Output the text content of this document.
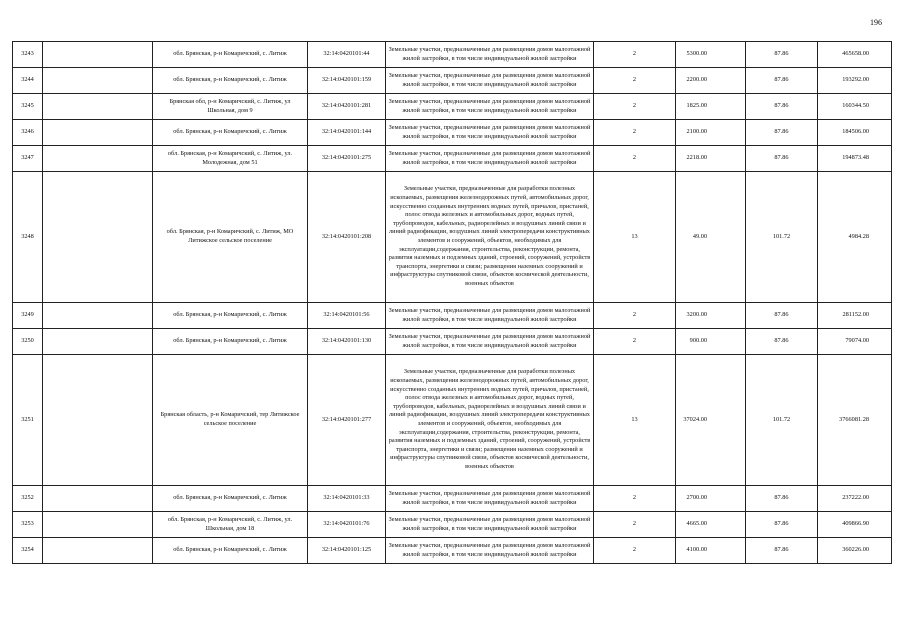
196
3243		обл. Брянская, р-н Комаричский, с. Литиж	32:14:0420101:44	Земельные участки, предназначенные для размещения домов малоэтажной жилой застройки, в том числе индивидуальной жилой застройки	2	5300.00	87.86	465658.00
3244		обл. Брянская, р-н Комаричский, с. Литиж	32:14:0420101:159	Земельные участки, предназначенные для размещения домов малоэтажной жилой застройки, в том числе индивидуальной жилой застройки	2	2200.00	87.86	193292.00
3245		Брянская обл, р-н Комаричский, с. Литиж, ул Школьная, дом 9	32:14:0420101:281	Земельные участки, предназначенные для размещения домов малоэтажной жилой застройки, в том числе индивидуальной жилой застройки	2	1825.00	87.86	160344.50
3246		обл. Брянская, р-н Комаричский, с. Литиж	32:14:0420101:144	Земельные участки, предназначенные для размещения домов малоэтажной жилой застройки, в том числе индивидуальной жилой застройки	2	2100.00	87.86	184506.00
3247		обл. Брянская, р-н Комаричский, с. Литиж, ул. Молодежная, дом 51	32:14:0420101:275	Земельные участки, предназначенные для размещения домов малоэтажной жилой застройки, в том числе индивидуальной жилой застройки	2	2218.00	87.86	194873.48
3248		обл. Брянская, р-н Комаричский, с. Литиж, МО Литижское сельское поселение	32:14:0420101:208	Земельные участки, предназначенные для разработки полезных ископаемых, размещения железнодорожных путей, автомобильных дорог, искусственно созданных внутренних водных путей, причалов, пристаней, полос отвода железных и автомобильных дорог, водных путей, трубопроводов, кабельных, радиорелейных и воздушных линий связи и линий радиофикации, воздушных линий электропередачи конструктивных элементов и сооружений, объектов, необходимых для эксплуатации,содержания, строительства, реконструкции, ремонта, развития наземных и подземных зданий, строений, сооружений, устройств транспорта, энергетики и связи; размещения наземных сооружений и инфраструктуры спутниковой связи, объектов космической деятельности, военных объектов	13	49.00	101.72	4984.28
3249		обл. Брянская, р-н Комаричский, с. Литиж	32:14:0420101:56	Земельные участки, предназначенные для размещения домов малоэтажной жилой застройки, в том числе индивидуальной жилой застройки	2	3200.00	87.86	281152.00
3250		обл. Брянская, р-н Комаричский, с. Литиж	32:14:0420101:130	Земельные участки, предназначенные для размещения домов малоэтажной жилой застройки, в том числе индивидуальной жилой застройки	2	900.00	87.86	79074.00
3251		Брянская область, р-н Комаричский, тер Литижское сельское поселение	32:14:0420101:277	Земельные участки, предназначенные для разработки полезных ископаемых, размещения железнодорожных путей, автомобильных дорог, искусственно созданных внутренних водных путей, причалов, пристаней, полос отвода железных и автомобильных дорог, водных путей, трубопроводов, кабельных, радиорелейных и воздушных линий связи и линий радиофикации, воздушных линий электропередачи конструктивных элементов и сооружений, объектов, необходимых для эксплуатации,содержания, строительства, реконструкции, ремонта, развития наземных и подземных зданий, строений, сооружений, устройств транспорта, энергетики и связи; размещения наземных сооружений и инфраструктуры спутниковой связи, объектов космической деятельности, военных объектов	13	37024.00	101.72	3766081.28
3252		обл. Брянская, р-н Комаричский, с. Литиж	32:14:0420101:33	Земельные участки, предназначенные для размещения домов малоэтажной жилой застройки, в том числе индивидуальной жилой застройки	2	2700.00	87.86	237222.00
3253		обл. Брянская, р-н Комаричский, с. Литиж, ул. Школьная, дом 18	32:14:0420101:76	Земельные участки, предназначенные для размещения домов малоэтажной жилой застройки, в том числе индивидуальной жилой застройки	2	4665.00	87.86	409866.90
3254		обл. Брянская, р-н Комаричский, с. Литиж	32:14:0420101:125	Земельные участки, предназначенные для размещения домов малоэтажной жилой застройки, в том числе индивидуальной жилой застройки	2	4100.00	87.86	360226.00
